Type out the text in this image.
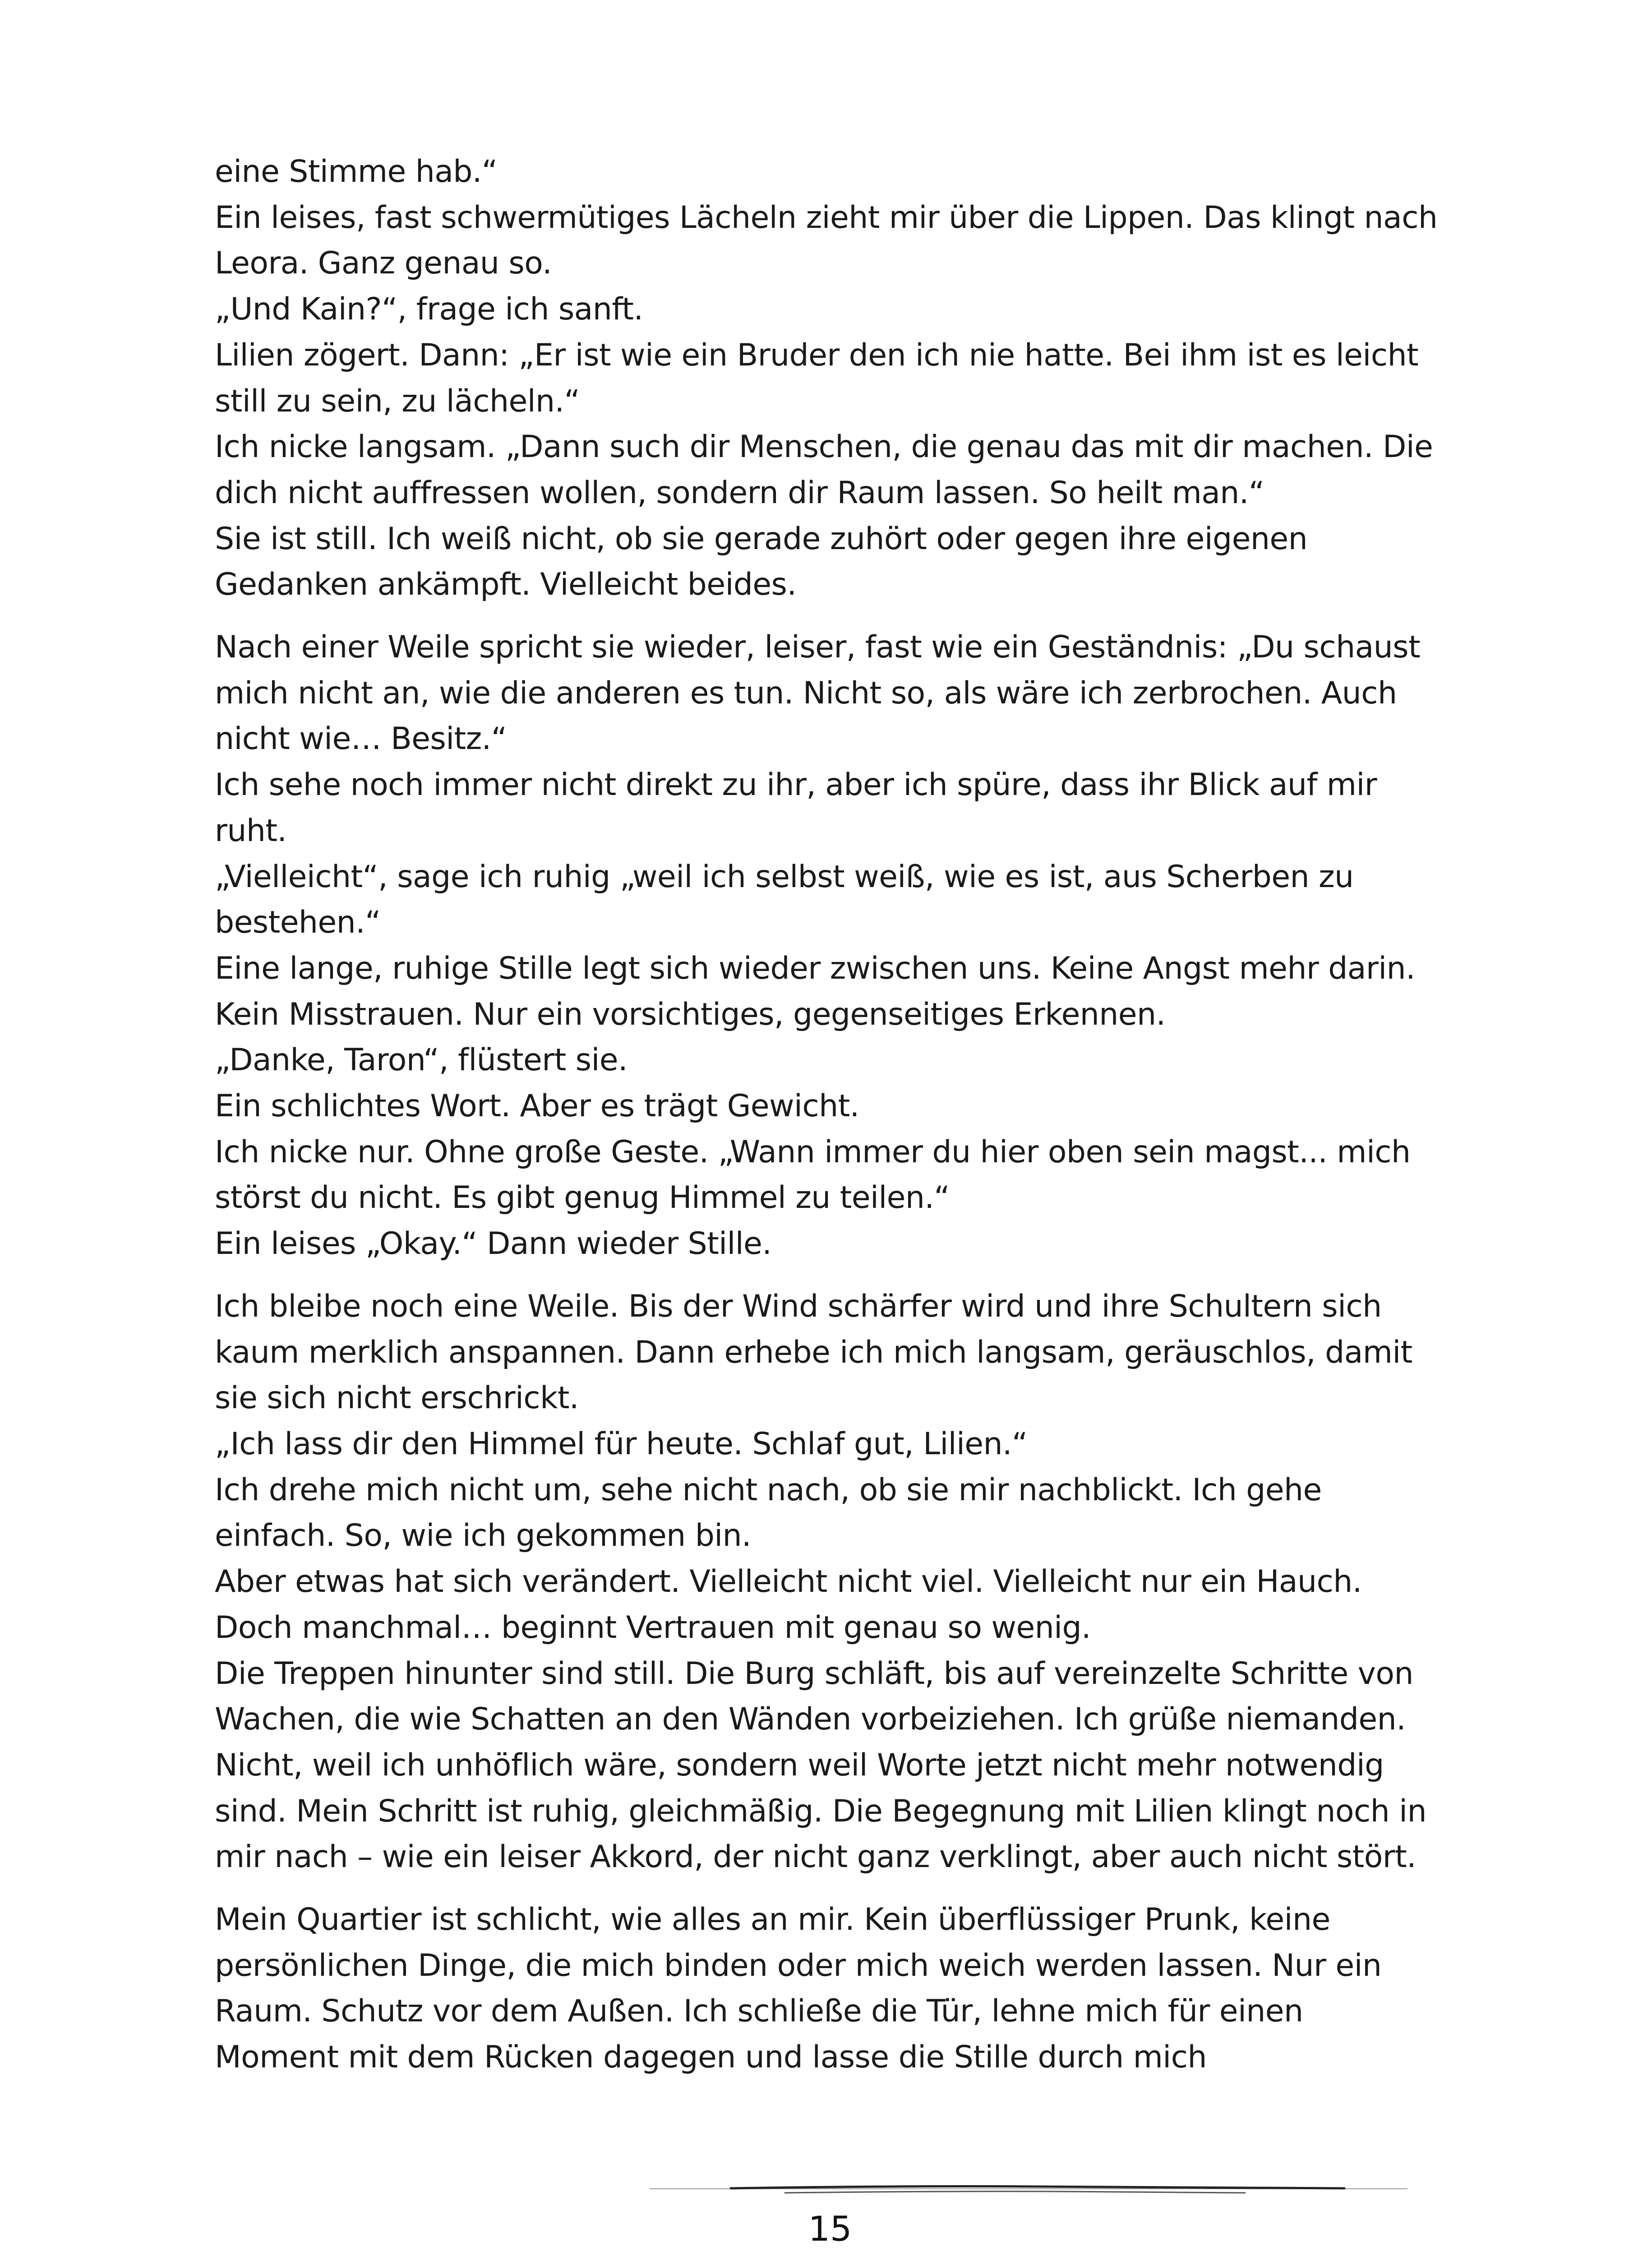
eine Stimme hab.“
Ein leises, fast schwermütiges Lächeln zieht mir über die Lippen. Das klingt nach
Leora. Ganz genau so.
„Und Kain?“, frage ich sanft.
Lilien zögert. Dann: „Er ist wie ein Bruder den ich nie hatte. Bei ihm ist es leicht
still zu sein, zu lächeln.“
Ich nicke langsam. „Dann such dir Menschen, die genau das mit dir machen. Die
dich nicht auffressen wollen, sondern dir Raum lassen. So heilt man.“
Sie ist still. Ich weiß nicht, ob sie gerade zuhört oder gegen ihre eigenen
Gedanken ankämpft. Vielleicht beides.
Nach einer Weile spricht sie wieder, leiser, fast wie ein Geständnis: „Du schaust
mich nicht an, wie die anderen es tun. Nicht so, als wäre ich zerbrochen. Auch
nicht wie… Besitz.“
Ich sehe noch immer nicht direkt zu ihr, aber ich spüre, dass ihr Blick auf mir
ruht.
„Vielleicht“, sage ich ruhig „weil ich selbst weiß, wie es ist, aus Scherben zu
bestehen.“
Eine lange, ruhige Stille legt sich wieder zwischen uns. Keine Angst mehr darin.
Kein Misstrauen. Nur ein vorsichtiges, gegenseitiges Erkennen.
„Danke, Taron“, flüstert sie.
Ein schlichtes Wort. Aber es trägt Gewicht.
Ich nicke nur. Ohne große Geste. „Wann immer du hier oben sein magst... mich
störst du nicht. Es gibt genug Himmel zu teilen.“
Ein leises „Okay.“ Dann wieder Stille.
Ich bleibe noch eine Weile. Bis der Wind schärfer wird und ihre Schultern sich
kaum merklich anspannen. Dann erhebe ich mich langsam, geräuschlos, damit
sie sich nicht erschrickt.
„Ich lass dir den Himmel für heute. Schlaf gut, Lilien.“
Ich drehe mich nicht um, sehe nicht nach, ob sie mir nachblickt. Ich gehe
einfach. So, wie ich gekommen bin.
Aber etwas hat sich verändert. Vielleicht nicht viel. Vielleicht nur ein Hauch.
Doch manchmal… beginnt Vertrauen mit genau so wenig.
Die Treppen hinunter sind still. Die Burg schläft, bis auf vereinzelte Schritte von
Wachen, die wie Schatten an den Wänden vorbeiziehen. Ich grüße niemanden.
Nicht, weil ich unhöflich wäre, sondern weil Worte jetzt nicht mehr notwendig
sind. Mein Schritt ist ruhig, gleichmäßig. Die Begegnung mit Lilien klingt noch in
mir nach – wie ein leiser Akkord, der nicht ganz verklingt, aber auch nicht stört.
Mein Quartier ist schlicht, wie alles an mir. Kein überflüssiger Prunk, keine
persönlichen Dinge, die mich binden oder mich weich werden lassen. Nur ein
Raum. Schutz vor dem Außen. Ich schließe die Tür, lehne mich für einen
Moment mit dem Rücken dagegen und lasse die Stille durch mich
15
